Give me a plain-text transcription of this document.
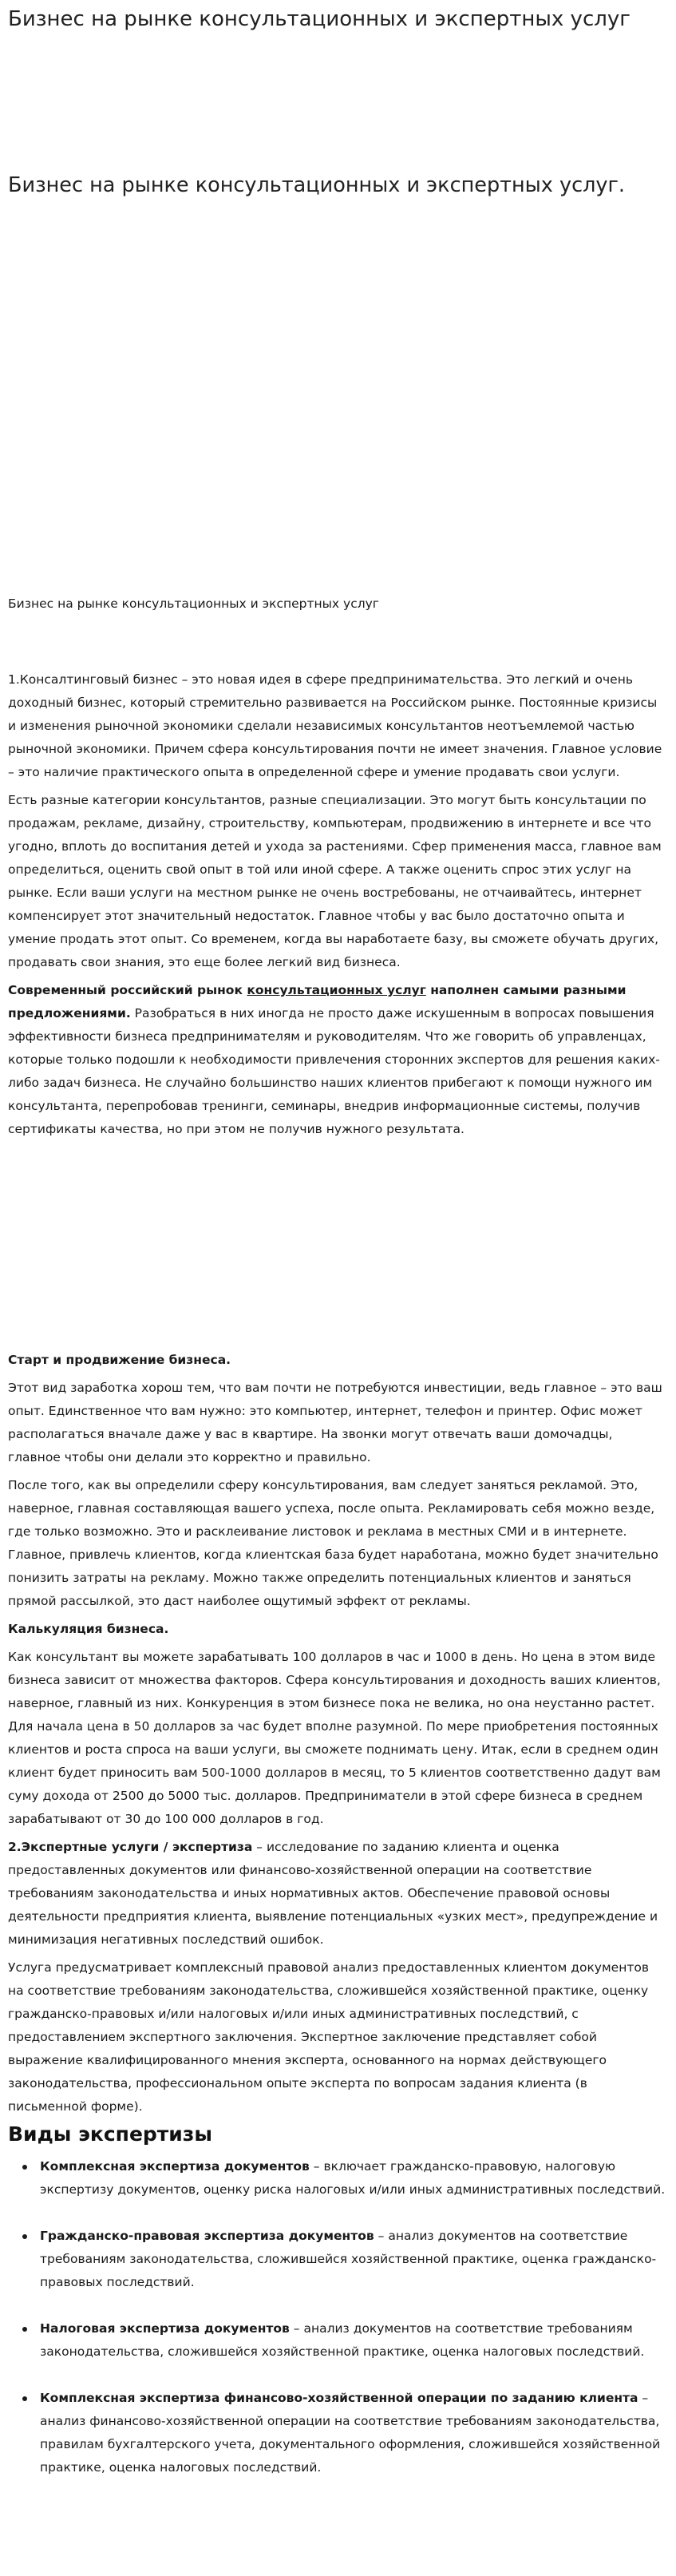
Бизнес на рынке консультационных и экспертных услуг
Бизнес на рынке консультационных и экспертных услуг.

Бизнес на рынке консультационных и экспертных услуг

1.Консалтинговый бизнес – это новая идея в сфере предпринимательства. Это легкий и очень доходный бизнес, который стремительно развивается на Российском рынке. Постоянные кризисы и изменения рыночной экономики сделали независимых консультантов неотъемлемой частью рыночной экономики. Причем сфера консультирования почти не имеет значения. Главное условие – это наличие практического опыта в определенной сфере и умение продавать свои услуги.

Есть разные категории консультантов, разные специализации. Это могут быть консультации по продажам, рекламе, дизайну, строительству, компьютерам, продвижению в интернете и все что угодно, вплоть до воспитания детей и ухода за растениями. Сфер применения масса, главное вам определиться, оценить свой опыт в той или иной сфере. А также оценить спрос этих услуг на рынке. Если ваши услуги на местном рынке не очень востребованы, не отчаивайтесь, интернет компенсирует этот значительный недостаток. Главное чтобы у вас было достаточно опыта и умение продать этот опыт. Со временем, когда вы наработаете базу, вы сможете обучать других, продавать свои знания, это еще более легкий вид бизнеса.

Современный российский рынок консультационных услуг наполнен самыми разными предложениями. Разобраться в них иногда не просто даже искушенным в вопросах повышения эффективности бизнеса предпринимателям и руководителям. Что же говорить об управленцах, которые только подошли к необходимости привлечения сторонних экспертов для решения каких-либо задач бизнеса. Не случайно большинство наших клиентов прибегают к помощи нужного им консультанта, перепробовав тренинги, семинары, внедрив информационные системы, получив сертификаты качества, но при этом не получив нужного результата.

Старт и продвижение бизнеса.

Этот вид заработка хорош тем, что вам почти не потребуются инвестиции, ведь главное – это ваш опыт. Единственное что вам нужно: это компьютер, интернет, телефон и принтер. Офис может располагаться вначале даже у вас в квартире. На звонки могут отвечать ваши домочадцы, главное чтобы они делали это корректно и правильно.

После того, как вы определили сферу консультирования, вам следует заняться рекламой. Это, наверное, главная составляющая вашего успеха, после опыта. Рекламировать себя можно везде, где только возможно. Это и расклеивание листовок и реклама в местных СМИ и в интернете. Главное, привлечь клиентов, когда клиентская база будет наработана, можно будет значительно понизить затраты на рекламу. Можно также определить потенциальных клиентов и заняться прямой рассылкой, это даст наиболее ощутимый эффект от рекламы.

Калькуляция бизнеса.

Как консультант вы можете зарабатывать 100 долларов в час и 1000 в день. Но цена в этом виде бизнеса зависит от множества факторов. Сфера консультирования и доходность ваших клиентов, наверное, главный из них. Конкуренция в этом бизнесе пока не велика, но она неустанно растет. Для начала цена в 50 долларов за час будет вполне разумной. По мере приобретения постоянных клиентов и роста спроса на ваши услуги, вы сможете поднимать цену. Итак, если в среднем один клиент будет приносить вам 500-1000 долларов в месяц, то 5 клиентов соответственно дадут вам суму дохода от 2500 до 5000 тыс. долларов. Предприниматели в этой сфере бизнеса в среднем зарабатывают от 30 до 100 000 долларов в год.

2.Экспертные услуги / экспертиза – исследование по заданию клиента и оценка предоставленных документов или финансово-хозяйственной операции на соответствие требованиям законодательства и иных нормативных актов. Обеспечение правовой основы деятельности предприятия клиента, выявление потенциальных «узких мест», предупреждение и минимизация негативных последствий ошибок.

Услуга предусматривает комплексный правовой анализ предоставленных клиентом документов на соответствие требованиям законодательства, сложившейся хозяйственной практике, оценку гражданско-правовых и/или налоговых и/или иных административных последствий, с предоставлением экспертного заключения. Экспертное заключение представляет собой выражение квалифицированного мнения эксперта, основанного на нормах действующего законодательства, профессиональном опыте эксперта по вопросам задания клиента (в письменной форме).

Виды экспертизы
Комплексная экспертиза документов – включает гражданско-правовую, налоговую экспертизу документов, оценку риска налоговых и/или иных административных последствий.
Гражданско-правовая экспертиза документов – анализ документов на соответствие требованиям законодательства, сложившейся хозяйственной практике, оценка гражданско-правовых последствий.
Налоговая экспертиза документов – анализ документов на соответствие требованиям законодательства, сложившейся хозяйственной практике, оценка налоговых последствий.
Комплексная экспертиза финансово-хозяйственной операции по заданию клиента – анализ финансово-хозяйственной операции на соответствие требованиям законодательства, правилам бухгалтерского учета, документального оформления, сложившейся хозяйственной практике, оценка налоговых последствий.
